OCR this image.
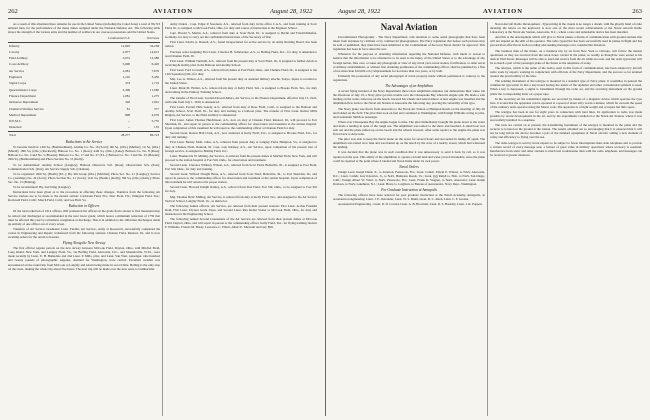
262	AVIATION	August 28, 1922	August 28, 1922	AVIATION	263

As a result of this allotment there remains for use in the United States (including the Canal Zone) a total of 86,723 enlisted men, for the performance of the many duties assigned under the National Defense Act. The following table shows the strength of the various arms and the number of soldiers in our oversea possessions and the United States.

	Continental U.S.	Overseas
Infantry	12,695	34,238
Cavalry	2,877	14,615
Field Artillery	3,072	12,389
Coast Artillery	5,690	6,426
Air Service	2,081	7,679
Engineers	1,210	3,450
Signal Corps	474	1,719
Quartermaster Corps	2,306	11,060
Finance Department	1,081	1,275
Ordnance Department	326	1,991
Chemical Warfare Service	81	377
Medical Department	898	4,076
D.E.M.L.	--	5,755
Detached	--	155
Total	28,277	86,723
Reductions in Air Service

To become inactive: 14th Sq. (Bombardment), Airship Co. No. 16 (Scott); 9th Sq. (Obs.) (Mather); 1st Sq. (Obs.) (Marsh); 18th Sq. (Obs.) (Rockwell); Balloon Co. No. 1 (Ross); 44th Sq. (Obs.) (Luke); Balloon Co. No. 8 (Ross); Balloon Co. No. 4 and No. 5 (Brooks); Balloon Co. No. 17 and No. 27 (F.L.); Balloon Co. No. 3 and No. 25 (Hawaii); 20th Sq. (Bombardment) and Photo Section No. 15 (Kelly).

To be demobilized: Airship School (Langley); Balloon Observers Sch. (Ross); Observation Sch. (Post); Communication Sch. (Post); Air Service Supply Sch. (Chanute).

To be organized: 49th Sq. (Bomb) (F.L.); Hq. 9th Group (Obs.) (Mitchel); Photo Sec. No. 21 (Langley); Service Co. (Airships) No. 24 (Scott); Photo Section No. 21 (Scott); 11th Sq. (Bomb.) (Kelly); 8th Sq. (Obs.) (Kelly); Photo Sec. No. 15 (Bolling).

To be reconstituted: Hq. 2nd Wing (Langley).

Instructions have been given as to the procedure in effecting these changes. Transfers from the following Air Service stations are to be made to the nearest station: Carlstrom Field, Fla.; Dorr Field, Fla.; Ellington Field, Tex.; Rockwell Field, Calif.; March Field, Calif.; and Lee Hall, Va.

Reduction in Officers

Of the total reduction of 2314 officers, 800 promotion list officers in the grade from colonel to first lieutenant may be retired and discharged or recommended in the next lower grade; which leaves a minimum reduction of 1759 that must be effected this year by retirement, resignation or discharge. This is in addition to the 1004 men discharged, made up entirely of one officer out of every seven.

Transfers of Air Service Graduates: Lieut. Fiedler, Air Service, Army at Roosevelt, successfully completed the course in Engineering and Repair; transferred from the following stations: Chanute Field, Rantoul, Ill., and is now awaiting orders for the return to Kessler.

Flying Along the New Airway

The first official regular patrols on the new airway between McCook Field, Dayton, Ohio, with Mitchel Field, Long Island, New York, and Langley Field, Va., via Bolling Field, Anacostia, D.C., and Moundsville, W.Va., were made recently by Lieut. E. H. Barksdale and 2nd Lieut. P. Mills, pilot, and Lieut. Van Wart, passenger. One hundred and twenty pounds of photographic supplies, destined for Washington, were carried. Excellent weather was encountered on the round trip from McCook to Langley and return being made in record time. Bolling is the only stop on the route, making the whole trip about five hours. The next trip will be made over the new route to Cumberland.

Army Orders - Capt. Edgar P. Sorensen, A.S., relieved from duty in the office C.A.S., and from training at Scott Field, Ill., is assigned to McCook Field, Ohio, for duty and course of instruction at the Engineer School.

Capt. Harold S. Martin, A.S., relieved from duty at Scott Field, Ill., is assigned to Berlin and Friedrichshafen, Germany, for duty to carry out the confidential instructions of the Secretary of War.

First Lieut. Edwin A. Russell, A.S., found incapacitated for active service by an Army Retiring Board, has been retired.

Previous order assigning First Lieut. Clarence H. Schabacker, A.S., to Bolling Field, D.C., for duty, is amended to read Chanute Field, Ill.

First Lieut. William Turnbull, A.S., relieved from his present duty at Scott Field, Ill., is assigned to further detail as receiving & airship pilot in the Balloon and Airship School.

First Lieut. Ford Crowell, A.S., relieved from duties at Post Field, Okla., and Chanute Field, Ill., is assigned to the 12th Squadron (Obs.) for duty.

Maj. Leo A. Walton, A.S., relieved from his present duty as assistant military attache, Tokyo, Japan, is recalled to the United States.

Lieut. Mark M. Hallett, A.S., relieved from duty at Kelly Field, Tex., is assigned to Brooks Field, Tex., for duty and training in the Primary Training School.

The transfer of First Lieut. Gordon Dowell Ahlers, Air Service, to the Finance Department, effective July 15, 1922, with rank from July 1, 1920, is announced.

First Lieut. Everett Hale Goudy, A.S., relieved from duty at Ross Field, Calif., is assigned to the Balloon and Airship School, Scott Field, Ill., for duty and training as a balloon pilot. The transfer of First Lieut. Robert Mills Ridgely, Air Service, to the Field Artillery is announced.

First Lieut. James Thomas Hutchinson, A.S., now on duty at Chanute Field, Rantoul, Ill., will proceed to Fort Sheridan, Ill., and report in person to the commanding officer for observation and treatment at the station hospital. Upon completion of this treatment he will report to the commanding officer at Chanute Field for duty.

Second Lieut. Robert Hall Clark, A.S., now stationed at Kelly Field, Tex., is assigned to Brooks Field, Tex., for duty and training.

First Lieut. Barney McK. Giles, A.S., relieved from present duty at Langley Field, Hampton, Va., is assigned to duty at Chanute Field, Rantoul, Ill. Capt. Guy Kirksey, A.S., Air Service, upon completion of his present tour of foreign service, is assigned to Bolling Field, D.C.

Lieut. Thomas De W. Milling, Air Service, is relieved from his present duties at Mitchel Field, New York, and will proceed to the station hospital at Fort Sill, Okla., for observation and treatment.

Second Lieut. Clarence Whitney Wilson, A.S., relieved from Scott Field, Belleville, Ill., is assigned to Post Field, Fort Sill, Okla., for duty and training.

Second Lieut. Wilford Dwight Butte, A.S., relieved from Scott Field, Belleville, Ill., to Fort Sheridan, Ill., and report in person to the commanding officer for observation and treatment at the station hospital. Upon completion of this treatment he will return to his proper station.

Second Lieut. Howard Knight Ramey, A.S., relieved from Post Field, Fort Sill, Okla., to be assigned to Fort Sill for duty.

Maj. Thomas DeW. Milling, Air Service, is relieved from duty at Kelly Field, Tex., and assigned to the Air Service Tactical School, Langley Field, Va., as instructor.

The following named officers, Air Service, are relieved from their present stations: First Lieut. Archie Franklin Roth, First Lieut. Ulysses Grant Jones, and Second Lieut. Rex Keller Stoner to McCook Field, Ohio, for duty and instruction in the Engineering School.

The following named Second Lieutenants of the Air Service are relieved from their present duties at McCook Field, Dayton, Ohio, and will report in person to the commanding officer, Kelly Field, Tex., for flying training: Robert P. Williams, Francis M. Brady, Lawrence C. Elliott, Albert E. Maxwell and Guy Hill.

Naval Aviation

Unconditioned Photography - The Navy Department calls attention to some aerial photographs that have been taken from airplanes by civilians or by commercial photographers. The Navy regulation that before such pictures may be sold or published, they must have been submitted to the Commandant of the local Naval district for approval. This regulation has been in force since the war.

Whenever for the purpose of obtaining information regarding the National Defense, with intent or reason to believe that the information to be obtained is to be used to the injury of the United States or to the advantage of any foreign nation, flies over, or takes any photograph or view of any naval yard, naval station, fortification, or other naval or military establishment, or without first obtaining permission of the commanding officer, shall be punished by a fine of not more than $10,000 or by imprisonment for not more than two years, or by both.

Evidently the possession of any aerial photograph of naval property made without permission is contrary to the regulations.

The Advantages of an Amphibian

A recent flying incident of the Navy Department shows how amphibian airplanes can demonstrate their value. On the afternoon of July 19, a Navy pilot got into trouble over the Chesapeake Bay when his engine quit. He made a safe landing on the water, taxied up on the beach, lowered his wheels and taxied ashore. A new engine was installed and the amphibian flew back to the Naval Air Station at Anacostia the following day, proving the versatility of the type.

The Navy plane was flown from Anacostia to the Naval Air Station at Hampton Roads on the morning of July 20 and landed on the field. The pilot then took on fuel and continued to Washington, with Ensign Williams acting as pilot, and Lieutenant Smith as passenger.

When over Chesapeake Bay the engine began to miss. The pilot immediately brought the plane down to the water and made a landing in spite of the rough sea. The amphibian was taxied to the shore and beached. A small boat was sent out and the plane pulled up on the beach and the wheels lowered. After some repairs to the engine the plane was flown back to Anacostia.

The pilot was able to keep the Naval plane on the water for several hours and succeeded in taking off again. The amphibian was taxied in to land and was hauled up on the beach by the crew of a nearby vessel, which had witnessed the landing.

It was decided that the plane was in such condition that it was unnecessary to send it back by rail, so it was repaired on the spot. This ability of the amphibian to operate on both land and water proved invaluable, since the plane could be repaired at the point where it landed and flown home under its own power.

Naval Orders

Ensign Leon Joseph Dunn, Jr., to Aviation, Pensacola, Fla.; Lieut. Comdr. Edwin E. Wilson, to NAS, Anacostia, D.C.; Lieut. Comdr. Guy Knowles, Jr., to NAS, Hampton Roads, Va.; Lieut. (jg) Ralph G. Holt, to NAS, San Diego, Calif.; Ensign Albert W. Ward, to NAS, Pensacola, Fla.; Lieut. Frank D. Wagner, to NAS, Anacostia; Lieut. Ralph Davison, to NAS, Lakehurst, N.J.; Lieut. Bruce G. Leighton, to Bureau of Aeronautics, Navy Dept., Washington.

For Graduate Instruction at Annapolis

The following officers have been selected for post graduate instruction at the Naval Academy, Annapolis, in aeronautical engineering: Lieut. J. E. Ostrander, Lieut. W. S. Diehl, Lieut. D. C. Allen, Lieut. C. F. Greene.

Aeronautical Engineering - Lieut. R. D. Conrad, Lieut. A. B. Brownell, Lieut. R. S. Barnaby, Lieut. J. R. Poppen.

Naval Aircraft Radio Development - Typewriting in the clouds is no longer a dream, with the ghostly hand of radio dictating the letters on the keyboard, is now one of the most recent achievements at the Naval Aircraft Radio Laboratory at the Naval Air Station, Anacostia, D.C., where a new and remarkable device has been installed.

And this is the development which will give to Naval planes a means of communication with ground stations that will not depend on the skill of the operator. The radio typewriter has been successfully used in planes in flight and has proved most effective in both recording and sending messages over considerable distances.

The business man of the future, on a business trip by air from New York to Chicago, will follow the market quotations as they are received from the stock ticker carried in the plane; so readily as though he were seated at his desk in Wall Street. Messages will be able to send and receive from the air while en route, and the radio typewriter will be as much a part of the passenger plane of the future as the telephone of today.

The teletype, which is the name of the device used in this form of communication, has been adapted by aircraft radio work by experts working in conjunction with officials of the Navy Department, and the success so far attained assures the practicability of the idea.

The sending instrument of the teletype is mounted in a standard type of Navy plane. It resembles in general the commercial typewriter in that a key-board having the letters of the alphabet and other conventional symbols is used. When a key is depressed, a signal is transmitted through the radio set, and the receiving instrument on the ground prints the corresponding letter on a paper tape.

In the receiving set the transmitted signals are recorded by means of a magnetic device which operates the type bars. It is said that the apparatus can be operated at a speed of about sixty words a minute, which far exceeds the speed of the ordinary radio operator using the Morse code. The apparatus is of light weight and occupies but little space.

The teletype has been in use for eight years in connection with land lines. Its application to radio was made possible by recent developments in the art, and by the experiments conducted at the Naval Air Station, where it was successfully installed in a seaplane.

The tests are carried on at present, the transmitting instrument of the teletype is mounted in the plane and the receiver is located on the ground at the station. The results obtained are so encouraging that it is expected that it will not be long before the device becomes a part of the standard equipment of Naval aircraft, adding a new element of safety and efficiency to flying over the sea.

The radio teletype is said by naval experts to be subject to fewer interruptions than radio telephone and to provide a written record of every message sent, a feature of great value in military operations where accuracy is essential. Interference from static and other stations is much less troublesome than with the radio telephone, and messages can be received at greater distances.
